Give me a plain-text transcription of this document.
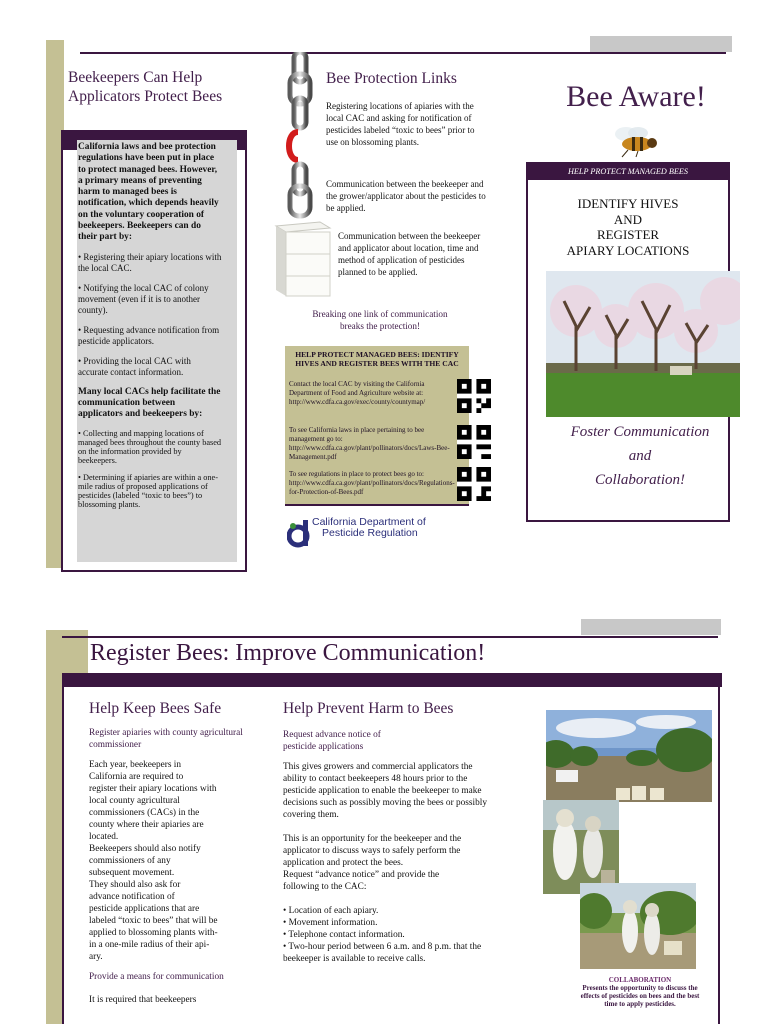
Beekeepers Can Help
Applicators Protect Bees

California laws and bee protection regulations have been put in place to protect managed bees. However, a primary means of preventing harm to managed bees is notification, which depends heavily on the voluntary cooperation of beekeepers. Beekeepers can do their part by:

• Registering their apiary locations with the local CAC.

• Notifying the local CAC of colony movement (even if it is to another county).

• Requesting advance notification from pesticide applicators.

• Providing the local CAC with accurate contact information.

Many local CACs help facilitate the communication between applicators and beekeepers by:

• Collecting and mapping locations of managed bees throughout the county based on the information provided by beekeepers.

• Determining if apiaries are within a one-mile radius of proposed applications of pesticides (labeled “toxic to bees”) to blossoming plants.

Bee Protection Links
Registering locations of apiaries with the local CAC and asking for notification of pesticides labeled “toxic to bees” prior to use on blossoming plants.
Communication between the beekeeper and the grower/applicator about the pesticides to be applied.
Communication between the beekeeper and applicator about location, time and method of application of pesticides planned to be applied.
Breaking one link of communication
breaks the protection!
HELP PROTECT MANAGED BEES: IDENTIFY HIVES AND REGISTER BEES WITH THE CAC
Contact the local CAC by visiting the California Department of Food and Agriculture website at: http://www.cdfa.ca.gov/exec/county/countymap/
To see California laws in place pertaining to bee management go to: http://www.cdfa.ca.gov/plant/pollinators/docs/Laws-Bee-Management.pdf
To see regulations in place to protect bees go to: http://www.cdfa.ca.gov/plant/pollinators/docs/Regulations-for-Protection-of-Bees.pdf
California Department of
Pesticide Regulation
Bee Aware!
HELP PROTECT MANAGED BEES
IDENTIFY HIVES
AND
REGISTER
APIARY LOCATIONS
Foster Communication
and
Collaboration!
Register Bees: Improve Communication!
Help Keep Bees Safe
Register apiaries with county agricultural commissioner

Each year, beekeepers in

California are required to

register their apiary locations with

local county agricultural

commissioners (CACs) in the

county where their apiaries are

located.

Beekeepers should also notify

commissioners of any

subsequent movement.

They should also ask for

advance notification of

pesticide applications that are

labeled “toxic to bees” that will be

applied to blossoming plants with-

in a one-mile radius of their api-

ary.

Provide a means for communication
It is required that beekeepers
Help Prevent Harm to Bees
Request advance notice of pesticide applications
This gives growers and commercial applicators the ability to contact beekeepers 48 hours prior to the pesticide application to enable the beekeeper to make decisions such as possibly moving the bees or possibly covering them.
This is an opportunity for the beekeeper and the applicator to discuss ways to safely perform the application and protect the bees.
Request “advance notice” and provide the following to the CAC:

• Location of each apiary.

• Movement information.

• Telephone contact information.

• Two-hour period between 6 a.m. and 8 p.m. that the beekeeper is available to receive calls.

COLLABORATION
Presents the opportunity to discuss the effects of pesticides on bees and the best time to apply pesticides.
